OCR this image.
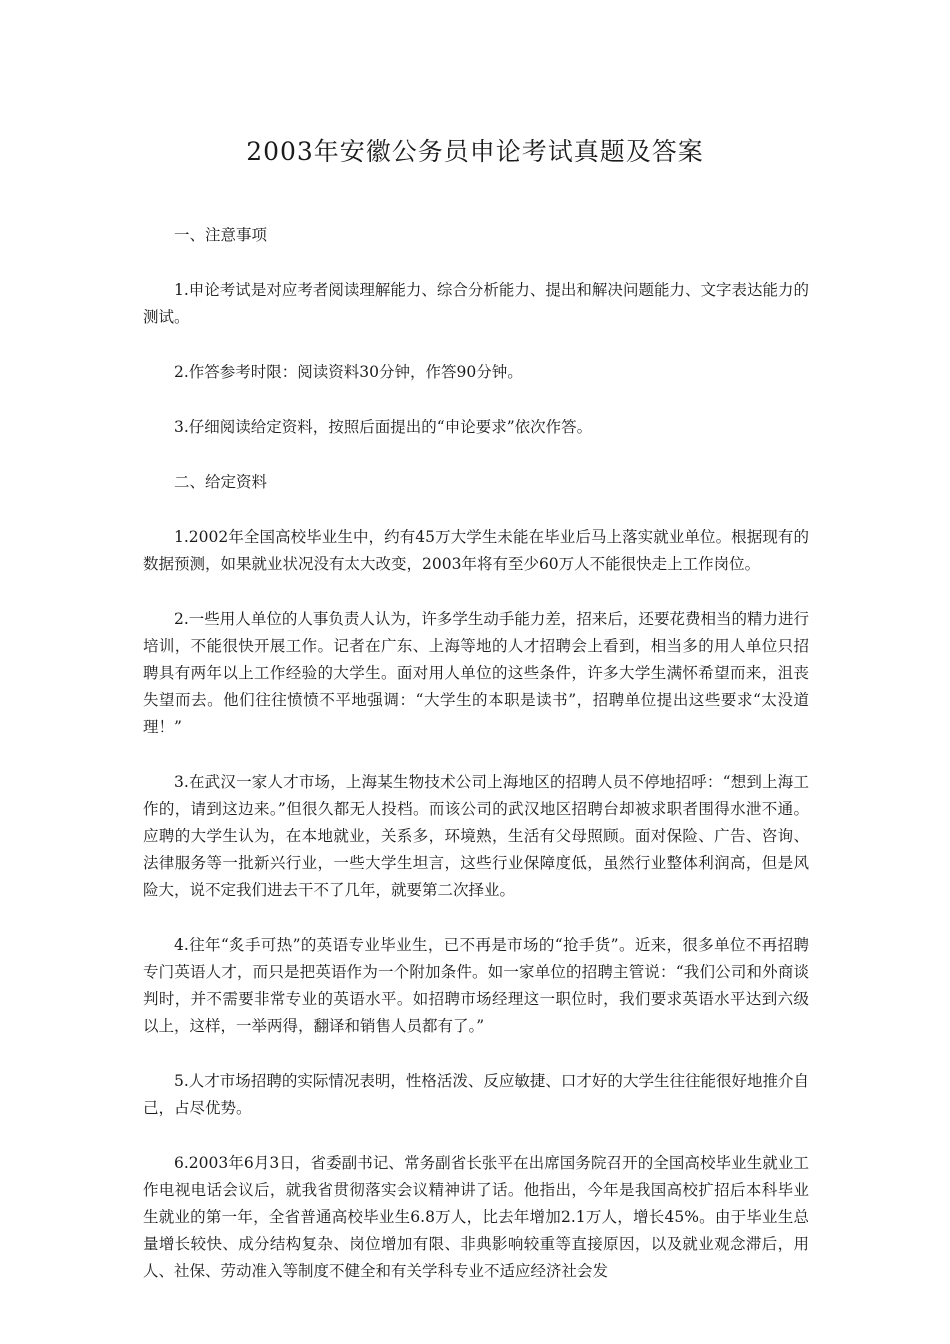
2003年安徽公务员申论考试真题及答案

一、注意事项

1.申论考试是对应考者阅读理解能力、综合分析能力、提出和解决问题能力、文字表达能力的测试。

2.作答参考时限：阅读资料30分钟，作答90分钟。

3.仔细阅读给定资料，按照后面提出的“申论要求”依次作答。

二、给定资料

1.2002年全国高校毕业生中，约有45万大学生未能在毕业后马上落实就业单位。根据现有的数据预测，如果就业状况没有太大改变，2003年将有至少60万人不能很快走上工作岗位。

2.一些用人单位的人事负责人认为，许多学生动手能力差，招来后，还要花费相当的精力进行培训，不能很快开展工作。记者在广东、上海等地的人才招聘会上看到，相当多的用人单位只招聘具有两年以上工作经验的大学生。面对用人单位的这些条件，许多大学生满怀希望而来，沮丧失望而去。他们往往愤愤不平地强调：“大学生的本职是读书”，招聘单位提出这些要求“太没道理！”

3.在武汉一家人才市场，上海某生物技术公司上海地区的招聘人员不停地招呼：“想到上海工作的，请到这边来。”但很久都无人投档。而该公司的武汉地区招聘台却被求职者围得水泄不通。应聘的大学生认为，在本地就业，关系多，环境熟，生活有父母照顾。面对保险、广告、咨询、法律服务等一批新兴行业，一些大学生坦言，这些行业保障度低，虽然行业整体利润高，但是风险大，说不定我们进去干不了几年，就要第二次择业。

4.往年“炙手可热”的英语专业毕业生，已不再是市场的“抢手货”。近来，很多单位不再招聘专门英语人才，而只是把英语作为一个附加条件。如一家单位的招聘主管说：“我们公司和外商谈判时，并不需要非常专业的英语水平。如招聘市场经理这一职位时，我们要求英语水平达到六级以上，这样，一举两得，翻译和销售人员都有了。”

5.人才市场招聘的实际情况表明，性格活泼、反应敏捷、口才好的大学生往往能很好地推介自己，占尽优势。

6.2003年6月3日，省委副书记、常务副省长张平在出席国务院召开的全国高校毕业生就业工作电视电话会议后，就我省贯彻落实会议精神讲了话。他指出，今年是我国高校扩招后本科毕业生就业的第一年，全省普通高校毕业生6.8万人，比去年增加2.1万人，增长45%。由于毕业生总量增长较快、成分结构复杂、岗位增加有限、非典影响较重等直接原因，以及就业观念滞后，用人、社保、劳动准入等制度不健全和有关学科专业不适应经济社会发
